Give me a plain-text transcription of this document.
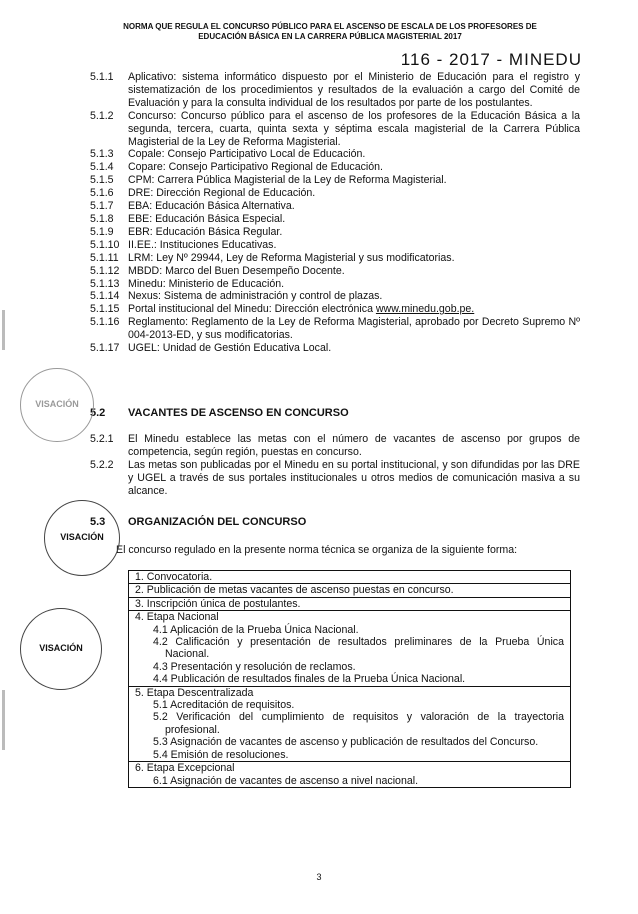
NORMA QUE REGULA EL CONCURSO PÚBLICO PARA EL ASCENSO DE ESCALA DE LOS PROFESORES DE
EDUCACIÓN BÁSICA EN LA CARRERA PÚBLICA MAGISTERIAL 2017
116 - 2017 - MINEDU
5.1.1	Aplicativo: sistema informático dispuesto por el Ministerio de Educación para el registro y sistematización de los procedimientos y resultados de la evaluación a cargo del Comité de Evaluación y para la consulta individual de los resultados por parte de los postulantes.
5.1.2	Concurso: Concurso público para el ascenso de los profesores de la Educación Básica a la segunda, tercera, cuarta, quinta sexta y séptima escala magisterial de la Carrera Pública Magisterial de la Ley de Reforma Magisterial.
5.1.3	Copale: Consejo Participativo Local de Educación.
5.1.4	Copare: Consejo Participativo Regional de Educación.
5.1.5	CPM: Carrera Pública Magisterial de la Ley de Reforma Magisterial.
5.1.6	DRE: Dirección Regional de Educación.
5.1.7	EBA: Educación Básica Alternativa.
5.1.8	EBE: Educación Básica Especial.
5.1.9	EBR: Educación Básica Regular.
5.1.10 II.EE.: Instituciones Educativas.
5.1.11 LRM: Ley Nº 29944, Ley de Reforma Magisterial y sus modificatorias.
5.1.12 MBDD: Marco del Buen Desempeño Docente.
5.1.13 Minedu: Ministerio de Educación.
5.1.14 Nexus: Sistema de administración y control de plazas.
5.1.15 Portal institucional del Minedu: Dirección electrónica www.minedu.gob.pe.
5.1.16 Reglamento: Reglamento de la Ley de Reforma Magisterial, aprobado por Decreto Supremo Nº 004-2013-ED, y sus modificatorias.
5.1.17 UGEL: Unidad de Gestión Educativa Local.
5.2	VACANTES DE ASCENSO EN CONCURSO
5.2.1	El Minedu establece las metas con el número de vacantes de ascenso por grupos de competencia, según región, puestas en concurso.
5.2.2	Las metas son publicadas por el Minedu en su portal institucional, y son difundidas por las DRE y UGEL a través de sus portales institucionales u otros medios de comunicación masiva a su alcance.
5.3	ORGANIZACIÓN DEL CONCURSO
El concurso regulado en la presente norma técnica se organiza de la siguiente forma:
1. Convocatoria.
2. Publicación de metas vacantes de ascenso puestas en concurso.
3. Inscripción única de postulantes.
4. Etapa Nacional
4.1 Aplicación de la Prueba Única Nacional.
4.2 Calificación y presentación de resultados preliminares de la Prueba Única Nacional.
4.3 Presentación y resolución de reclamos.
4.4 Publicación de resultados finales de la Prueba Única Nacional.
5. Etapa Descentralizada
5.1 Acreditación de requisitos.
5.2 Verificación del cumplimiento de requisitos y valoración de la trayectoria profesional.
5.3 Asignación de vacantes de ascenso y publicación de resultados del Concurso.
5.4 Emisión de resoluciones.
6. Etapa Excepcional
6.1 Asignación de vacantes de ascenso a nivel nacional.
VISACIÓN
VISACIÓN
VISACIÓN
3
